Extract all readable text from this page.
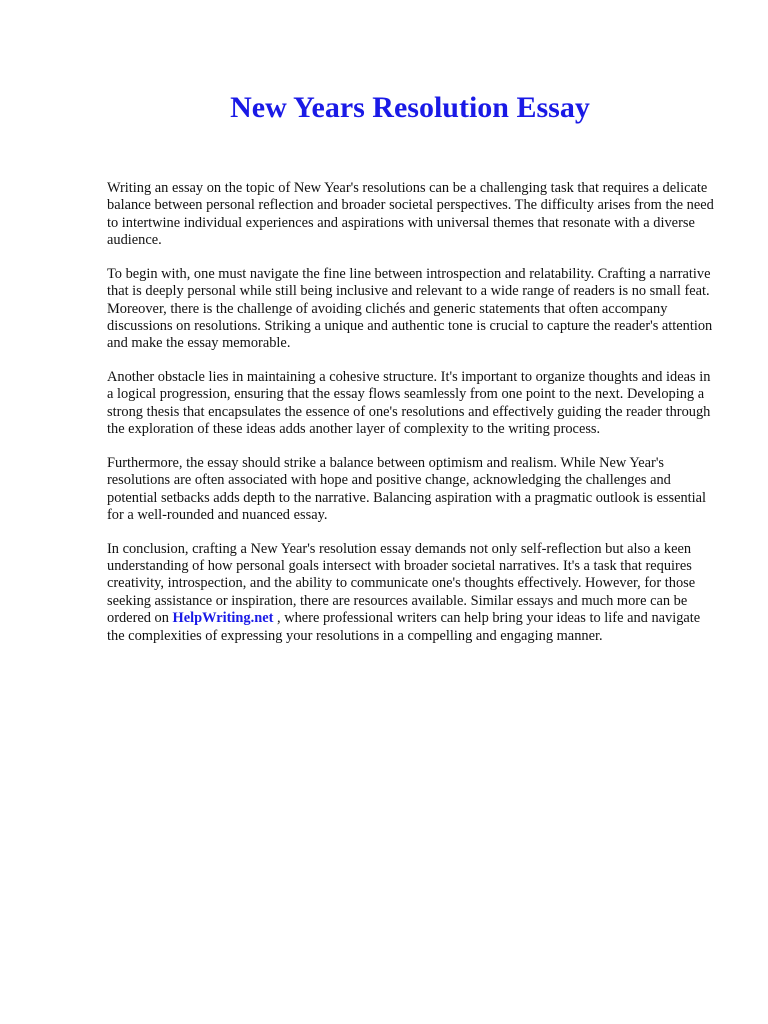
New Years Resolution Essay

Writing an essay on the topic of New Year's resolutions can be a challenging task that requires a delicate balance between personal reflection and broader societal perspectives. The difficulty arises from the need to intertwine individual experiences and aspirations with universal themes that resonate with a diverse audience.

To begin with, one must navigate the fine line between introspection and relatability. Crafting a narrative that is deeply personal while still being inclusive and relevant to a wide range of readers is no small feat. Moreover, there is the challenge of avoiding clichés and generic statements that often accompany discussions on resolutions. Striking a unique and authentic tone is crucial to capture the reader's attention and make the essay memorable.

Another obstacle lies in maintaining a cohesive structure. It's important to organize thoughts and ideas in a logical progression, ensuring that the essay flows seamlessly from one point to the next. Developing a strong thesis that encapsulates the essence of one's resolutions and effectively guiding the reader through the exploration of these ideas adds another layer of complexity to the writing process.

Furthermore, the essay should strike a balance between optimism and realism. While New Year's resolutions are often associated with hope and positive change, acknowledging the challenges and potential setbacks adds depth to the narrative. Balancing aspiration with a pragmatic outlook is essential for a well-rounded and nuanced essay.

In conclusion, crafting a New Year's resolution essay demands not only self-reflection but also a keen understanding of how personal goals intersect with broader societal narratives. It's a task that requires creativity, introspection, and the ability to communicate one's thoughts effectively. However, for those seeking assistance or inspiration, there are resources available. Similar essays and much more can be ordered on HelpWriting.net , where professional writers can help bring your ideas to life and navigate the complexities of expressing your resolutions in a compelling and engaging manner.
